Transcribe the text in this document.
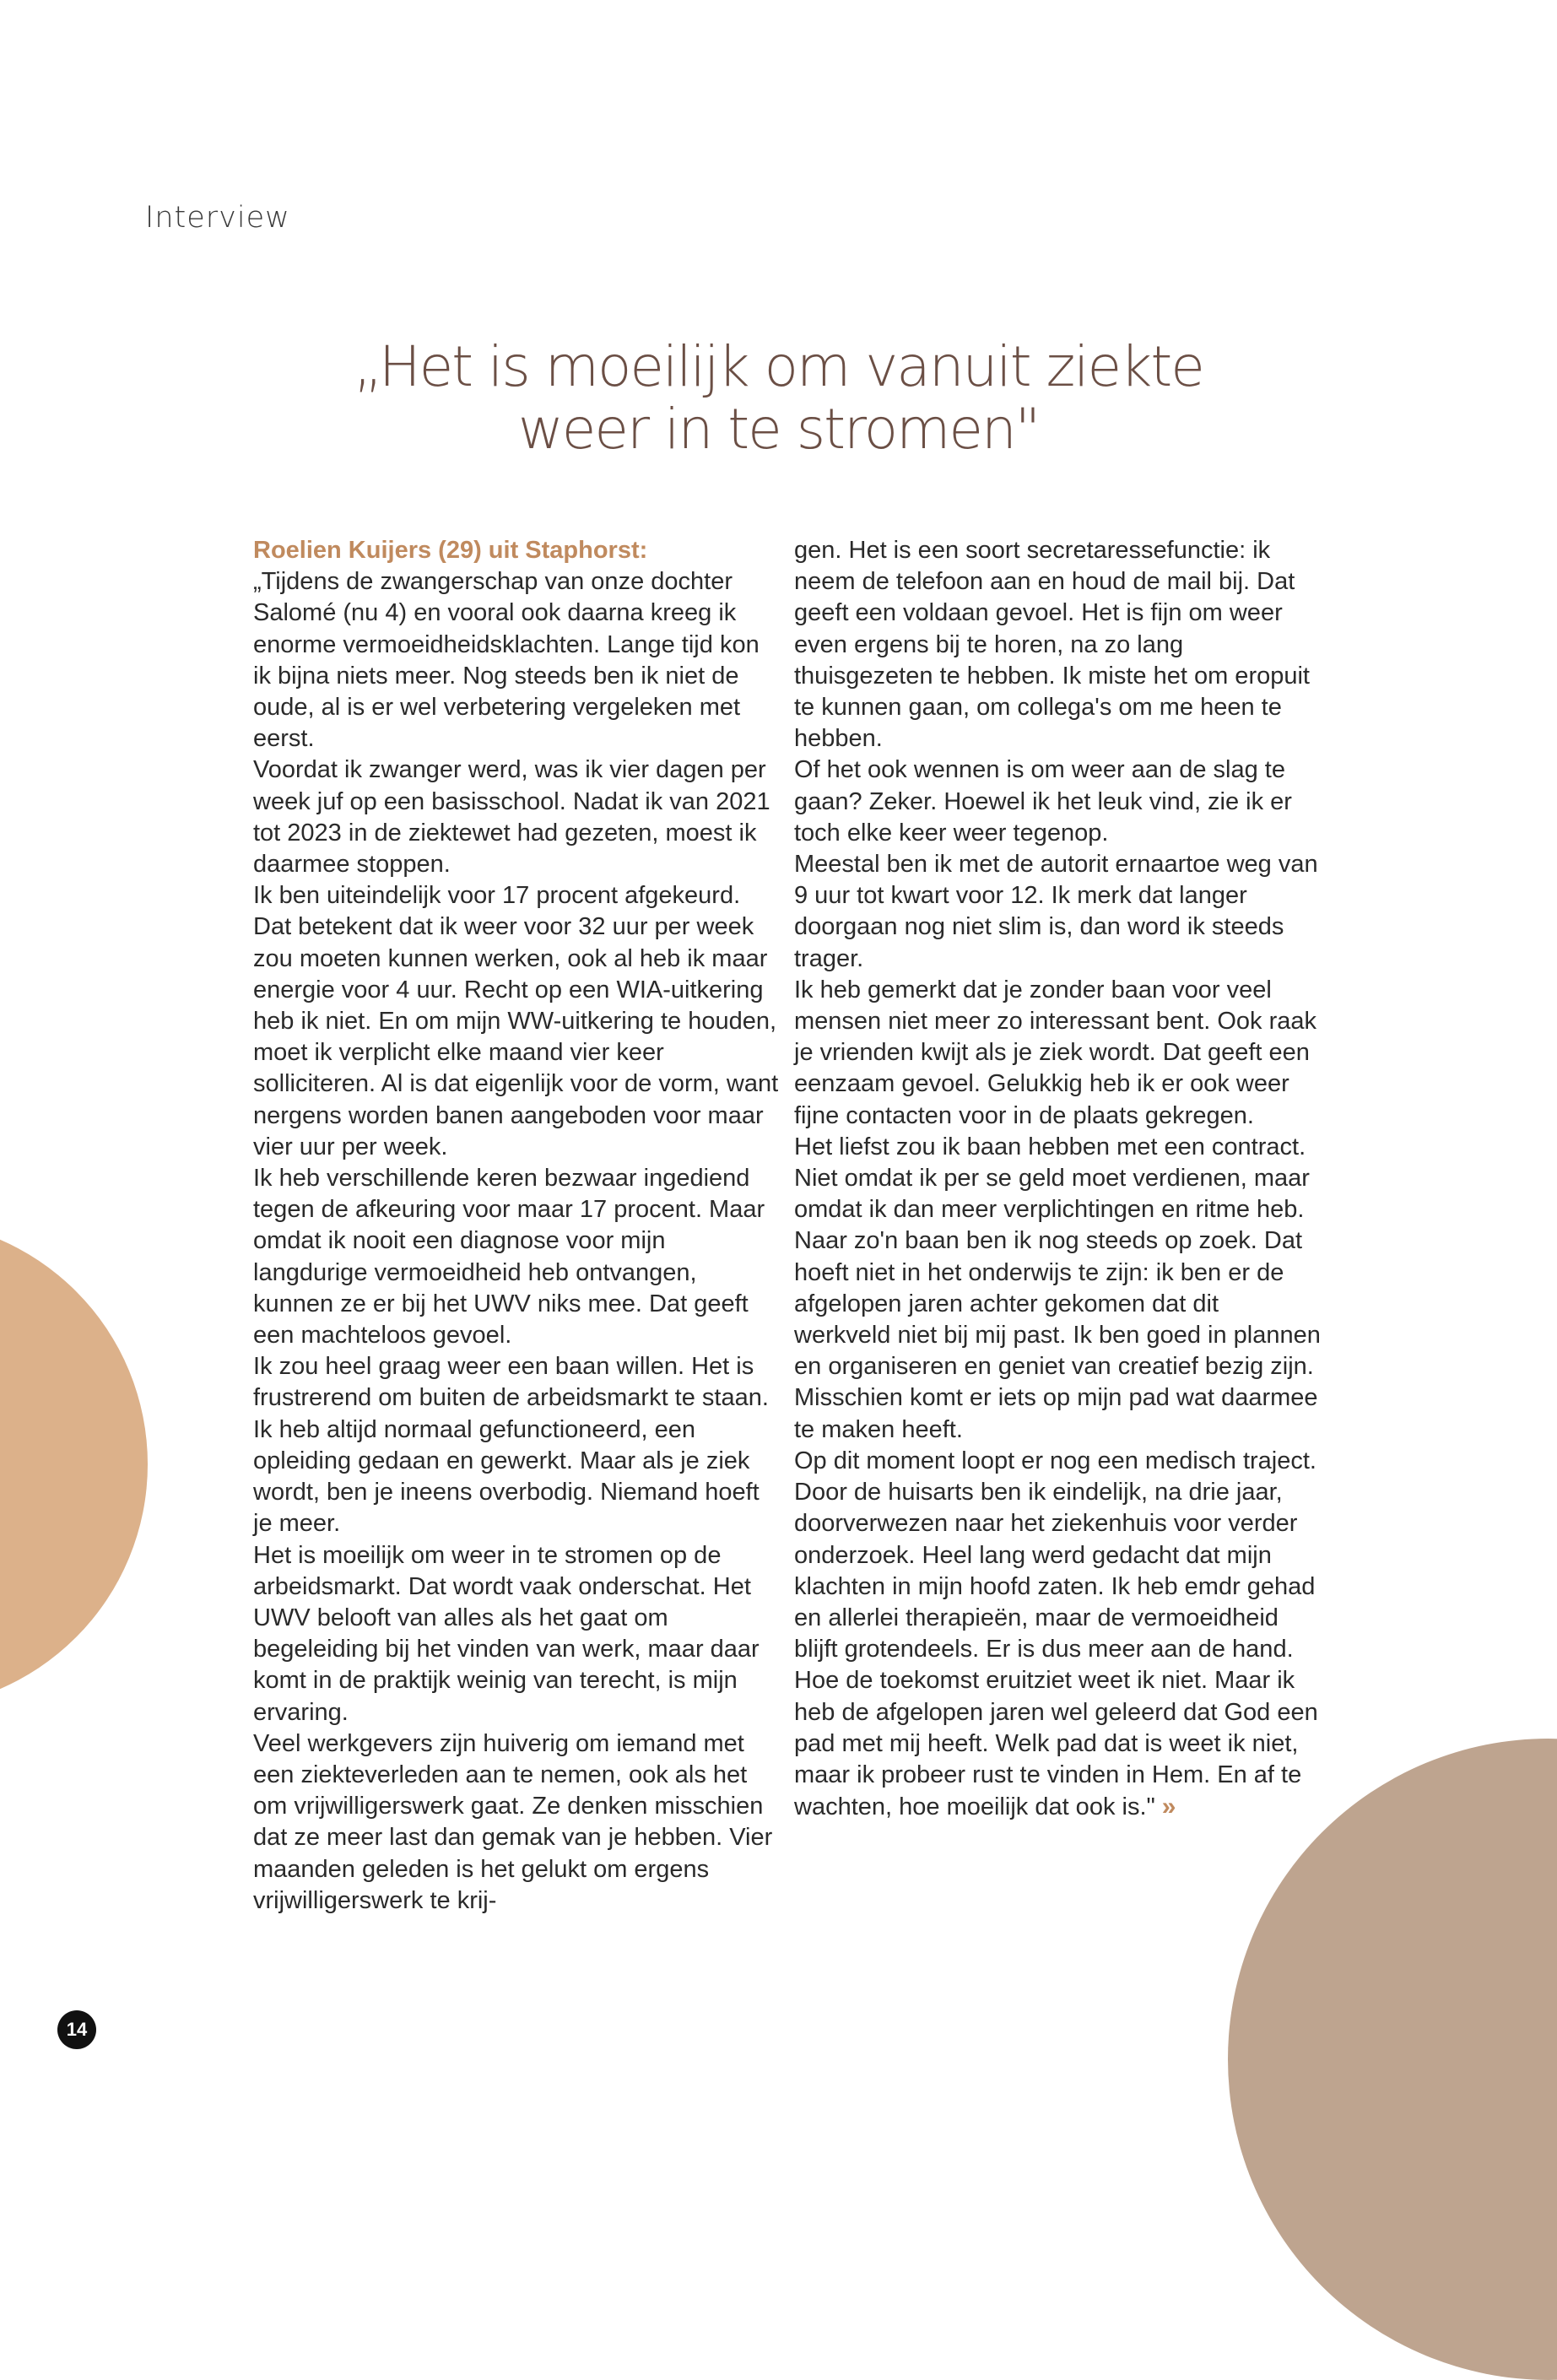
Interview
„Het is moeilijk om vanuit ziekte
weer in te stromen"

Roelien Kuijers (29) uit Staphorst:

„Tijdens de zwangerschap van onze dochter Salomé (nu 4) en vooral ook daarna kreeg ik enorme vermoeidheidsklachten. Lange tijd kon ik bijna niets meer. Nog steeds ben ik niet de oude, al is er wel verbetering vergeleken met eerst.

Voordat ik zwanger werd, was ik vier dagen per week juf op een basisschool. Nadat ik van 2021 tot 2023 in de ziektewet had gezeten, moest ik daarmee stoppen.

Ik ben uiteindelijk voor 17 procent afgekeurd. Dat betekent dat ik weer voor 32 uur per week zou moeten kunnen werken, ook al heb ik maar energie voor 4 uur. Recht op een WIA-uitkering heb ik niet. En om mijn WW-uitkering te houden, moet ik verplicht elke maand vier keer solliciteren. Al is dat eigenlijk voor de vorm, want nergens worden banen aangeboden voor maar vier uur per week.

Ik heb verschillende keren bezwaar ingediend tegen de afkeuring voor maar 17 procent. Maar omdat ik nooit een diagnose voor mijn langdurige vermoeidheid heb ontvangen, kunnen ze er bij het UWV niks mee. Dat geeft een machteloos gevoel.

Ik zou heel graag weer een baan willen. Het is frustrerend om buiten de arbeidsmarkt te staan. Ik heb altijd normaal gefunctioneerd, een opleiding gedaan en gewerkt. Maar als je ziek wordt, ben je ineens overbodig. Niemand hoeft je meer.

Het is moeilijk om weer in te stromen op de arbeidsmarkt. Dat wordt vaak onderschat. Het UWV belooft van alles als het gaat om begeleiding bij het vinden van werk, maar daar komt in de praktijk weinig van terecht, is mijn ervaring.

Veel werkgevers zijn huiverig om iemand met een ziekteverleden aan te nemen, ook als het om vrijwilligerswerk gaat. Ze denken misschien dat ze meer last dan gemak van je hebben. Vier maanden geleden is het gelukt om ergens vrijwilligerswerk te krij-

gen. Het is een soort secretaressefunctie: ik neem de telefoon aan en houd de mail bij. Dat geeft een voldaan gevoel. Het is fijn om weer even ergens bij te horen, na zo lang thuisgezeten te hebben. Ik miste het om eropuit te kunnen gaan, om collega's om me heen te hebben.

Of het ook wennen is om weer aan de slag te gaan? Zeker. Hoewel ik het leuk vind, zie ik er toch elke keer weer tegenop.

Meestal ben ik met de autorit ernaartoe weg van 9 uur tot kwart voor 12. Ik merk dat langer doorgaan nog niet slim is, dan word ik steeds trager.

Ik heb gemerkt dat je zonder baan voor veel mensen niet meer zo interessant bent. Ook raak je vrienden kwijt als je ziek wordt. Dat geeft een eenzaam gevoel. Gelukkig heb ik er ook weer fijne contacten voor in de plaats gekregen.

Het liefst zou ik baan hebben met een contract. Niet omdat ik per se geld moet verdienen, maar omdat ik dan meer verplichtingen en ritme heb. Naar zo'n baan ben ik nog steeds op zoek. Dat hoeft niet in het onderwijs te zijn: ik ben er de afgelopen jaren achter gekomen dat dit werkveld niet bij mij past. Ik ben goed in plannen en organiseren en geniet van creatief bezig zijn. Misschien komt er iets op mijn pad wat daarmee te maken heeft.

Op dit moment loopt er nog een medisch traject. Door de huisarts ben ik eindelijk, na drie jaar, doorverwezen naar het ziekenhuis voor verder onderzoek. Heel lang werd gedacht dat mijn klachten in mijn hoofd zaten. Ik heb emdr gehad en allerlei therapieën, maar de vermoeidheid blijft grotendeels. Er is dus meer aan de hand.

Hoe de toekomst eruitziet weet ik niet. Maar ik heb de afgelopen jaren wel geleerd dat God een pad met mij heeft. Welk pad dat is weet ik niet, maar ik probeer rust te vinden in Hem. En af te wachten, hoe moeilijk dat ook is." »

14
